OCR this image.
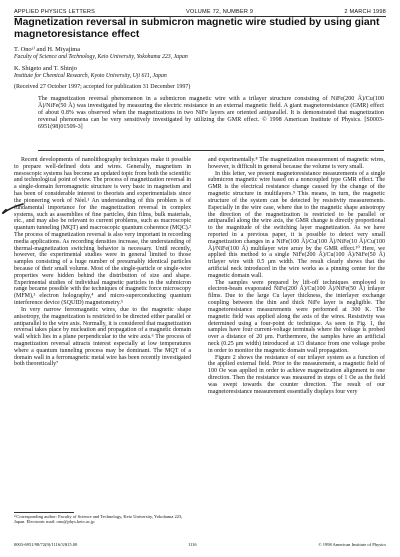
APPLIED PHYSICS LETTERS	VOLUME 72, NUMBER 9	2 MARCH 1998
Magnetization reversal in submicron magnetic wire studied by using giant magnetoresistance effect
T. Onoᵃ⁾ and H. Miyajima
Faculty of Science and Technology, Keio University, Yokohama 223, Japan
K. Shigeto and T. Shinjo
Institute for Chemical Research, Kyoto University, Uji 611, Japan
(Received 27 October 1997; accepted for publication 31 December 1997)
The magnetization reversal phenomenon in a submicron magnetic wire with a trilayer structure consisting of NiFe(200 Å)/Cu(100 Å)/NiFe(50 Å) was investigated by measuring the electric resistance in an external magnetic field. A giant magnetoresistance (GMR) effect of about 0.8% was observed when the magnetizations in two NiFe layers are oriented antiparallel. It is demonstrated that magnetization reversal phenomena can be very sensitively investigated by utilizing the GMR effect. © 1998 American Institute of Physics. [S0003-6951(98)01509-3]

Recent developments of nanolithography techniques make it possible to prepare well-defined dots and wires. Generally, magnetism in mesoscopic systems has become an updated topic from both the scientific and technological point of view. The process of magnetization reversal in a single-domain ferromagnetic structure is very basic in magnetism and has been of considerable interest to theorists and experimentalists since the pioneering work of Néel.¹ An understanding of this problem is of fundamental importance for the magnetization reversal in complex systems, such as assemblies of fine particles, thin films, bulk materials, etc., and may also be relevant to current problems, such as macroscopic quantum tunneling (MQT) and macroscopic quantum coherence (MQC).² The process of magnetization reversal is also very important in recording media applications. As recording densities increase, the understanding of thermal-magnetization switching behavior is necessary. Until recently, however, the experimental studies were in general limited to those samples consisting of a huge number of presumably identical particles because of their small volume. Most of the single-particle or single-wire properties were hidden behind the distribution of size and shape. Experimental studies of individual magnetic particles in the submicron range became possible with the techniques of magnetic force microscopy (MFM),³ electron holography,⁴ and micro-superconducting quantum interference device (SQUID) magnetometry.⁵

In very narrow ferromagnetic wires, due to the magnetic shape anisotropy, the magnetization is restricted to be directed either parallel or antiparallel to the wire axis. Normally, it is considered that magnetization reversal takes place by nucleation and propagation of a magnetic domain wall which lies in a plane perpendicular to the wire axis.⁶ The process of magnetization reversal attracts interest especially at low temperatures where a quantum tunneling process may be dominant. The MQT of a domain wall in a ferromagnetic metal wire has been recently investigated both theoretically⁷

ᵃ⁾Corresponding author: Faculty of Science and Technology, Keio University, Yokohama 223, Japan. Electronic mail: ono@phys.keio.ac.jp

and experimentally.⁸ The magnetization measurement of magnetic wires, however, is difficult in general because the volume is very small.

In this letter, we present magnetoresistance measurements of a single submicron magnetic wire based on a noncoupled type GMR effect. The GMR is the electrical resistance change caused by the change of the magnetic structure in multilayers.⁹ This means, in turn, the magnetic structure of the system can be detected by resistivity measurements. Especially in the wire case, where due to the magnetic shape anisotropy the direction of the magnetization is restricted to be parallel or antiparallel along the wire axis, the GMR change is directly proportional to the magnitude of the switching layer magnetization. As we have reported in a previous paper, it is possible to detect very small magnetization changes in a NiFe(100 Å)/Cu(100 Å)/NiFe(10 Å)/Cu(100 Å)/NiFe(100 Å) multilayer wire array by the GMR effect.¹⁰ Here, we applied this method to a single NiFe(200 Å)/Cu(100 Å)/NiFe(50 Å) trilayer wire with 0.5 μm width. The result clearly shows that the artificial neck introduced in the wire works as a pinning center for the magnetic domain wall.

The samples were prepared by lift-off techniques employed to electron-beam evaporated NiFe(200 Å)/Cu(100 Å)/NiFe(50 Å) trilayer films. Due to the large Cu layer thickness, the interlayer exchange coupling between the thin and thick NiFe layer is negligible. The magnetoresistance measurements were performed at 300 K. The magnetic field was applied along the axis of the wires. Resistivity was determined using a four-point dc technique. As seen in Fig. 1, the samples have four current-voltage terminals where the voltage is probed over a distance of 20 μm. Furthermore, the samples have an artificial neck (0.25 μm width) introduced at 1/3 distance from one voltage probe in order to monitor the magnetic domain wall propagation.

Figure 2 shows the resistance of our trilayer system as a function of the applied external field. Prior to the measurement, a magnetic field of 100 Oe was applied in order to achieve magnetization alignment in one direction. Then the resistance was measured in steps of 1 Oe as the field was swept towards the counter direction. The result of our magnetoresistance measurement essentially displays four very

0003-6951/98/72(9)/1116/3/$15.00	1116	© 1998 American Institute of Physics
